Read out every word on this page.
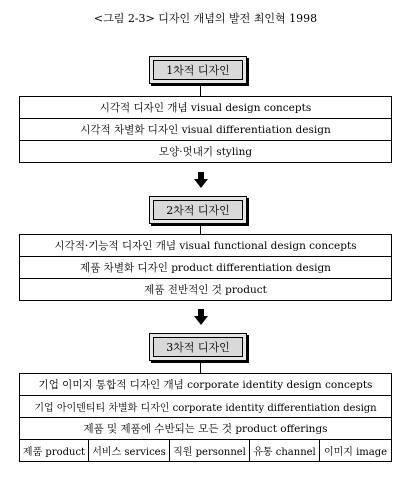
<그림 2-3> 디자인 개념의 발전 최인혁 1998
1차적 디자인
시각적 디자인 개념 visual design concepts
시각적 차별화 디자인 visual differentiation design
모양·멋내기 styling
2차적 디자인
시각적·기능적 디자인 개념 visual functional design concepts
제품 차별화 디자인 product differentiation design
제품 전반적인 것 product
3차적 디자인
기업 이미지 통합적 디자인 개념 corporate identity design concepts
기업 아이덴티티 차별화 디자인 corporate identity differentiation design
제품 및 제품에 수반되는 모든 것 product offerings
제품 product 서비스 services 직원 personnel 유통 channel 이미지 image
